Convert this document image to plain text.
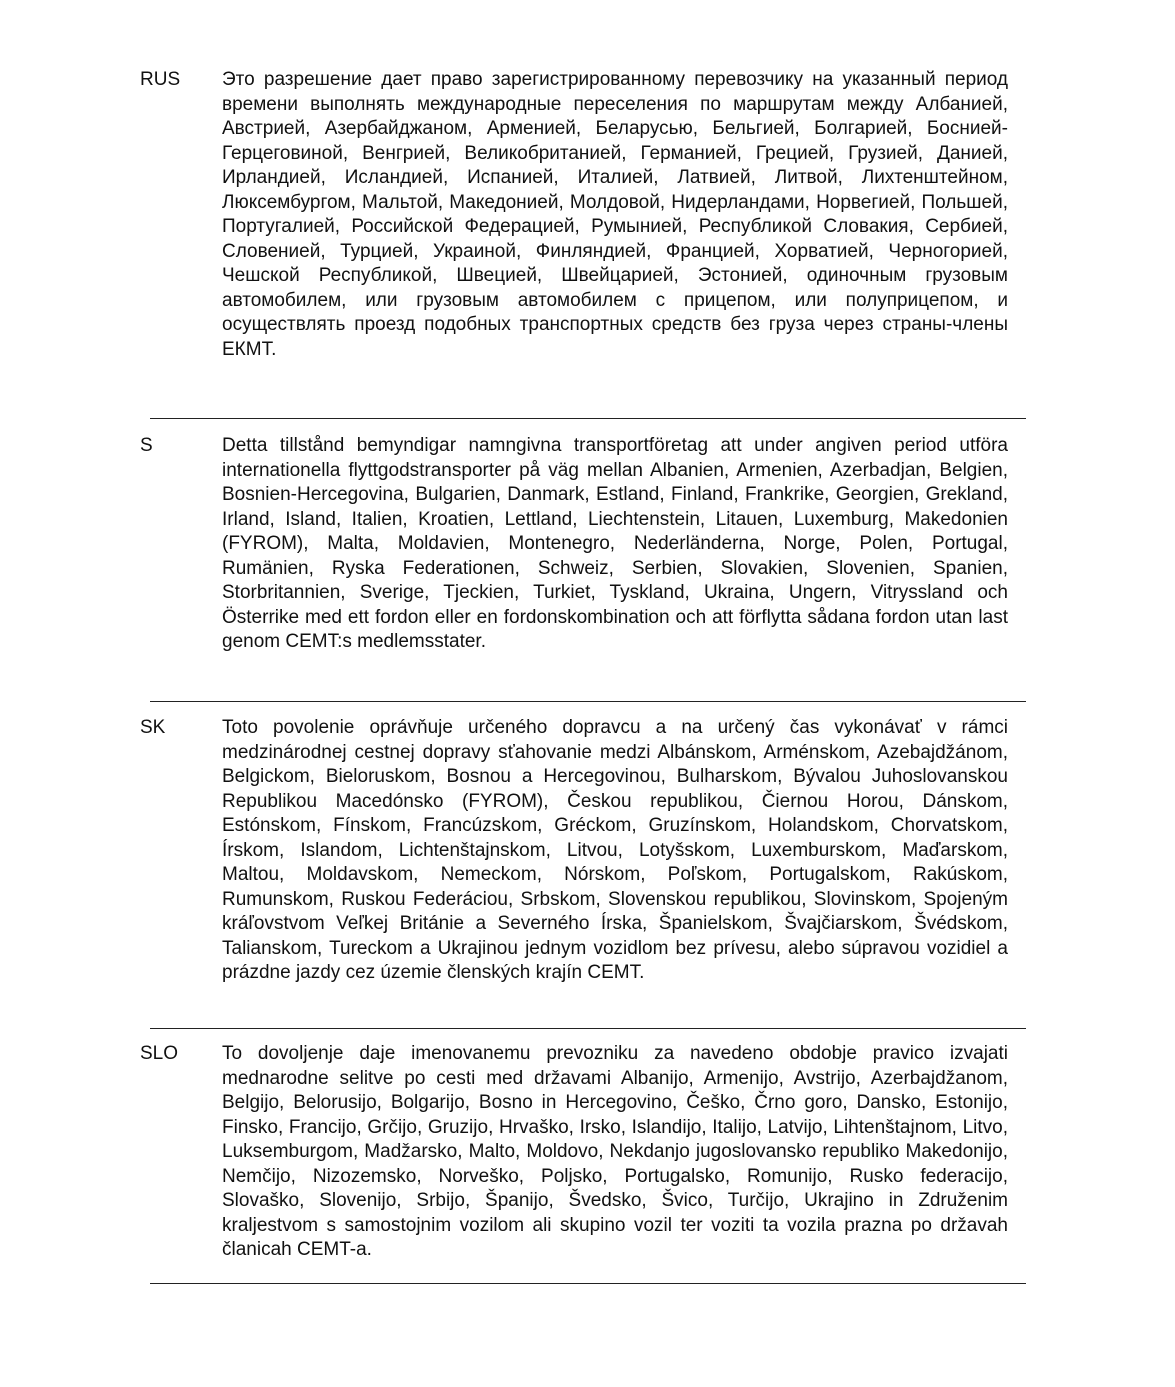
RUS	Это разрешение дает право зарегистрированному перевозчику на указанный период времени выполнять международные переселения по маршрутам между Албанией, Австрией, Азербайджаном, Арменией, Беларусью, Бельгией, Болгарией, Боснией-Герцеговиной, Венгрией, Великобританией, Германией, Грецией, Грузией, Данией, Ирландией, Исландией, Испанией, Италией, Латвией, Литвой, Лихтенштейном, Люксембургом, Мальтой, Македонией, Молдовой, Нидерландами, Норвегией, Польшей, Португалией, Российской Федерацией, Румынией, Республикой Словакия, Сербией, Словенией, Турцией, Украиной, Финляндией, Францией, Хорватией, Черногорией, Чешской Республикой, Швецией, Швейцарией, Эстонией, одиночным грузовым автомобилем, или грузовым автомобилем с прицепом, или полуприцепом, и осуществлять проезд подобных транспортных средств без груза через страны-члены ЕКМТ.
S	Detta tillstånd bemyndigar namngivna transportföretag att under angiven period utföra internationella flyttgodstransporter på väg mellan Albanien, Armenien, Azerbadjan, Belgien, Bosnien-Hercegovina, Bulgarien, Danmark, Estland, Finland, Frankrike, Georgien, Grekland, Irland, Island, Italien, Kroatien, Lettland, Liechtenstein, Litauen, Luxemburg, Makedonien (FYROM), Malta, Moldavien, Montenegro, Nederländerna, Norge, Polen, Portugal, Rumänien, Ryska Federationen, Schweiz, Serbien, Slovakien, Slovenien, Spanien, Storbritannien, Sverige, Tjeckien, Turkiet, Tyskland, Ukraina, Ungern, Vitryssland och Österrike med ett fordon eller en fordonskombination och att förflytta sådana fordon utan last genom CEMT:s medlemsstater.
SK	Toto povolenie oprávňuje určeného dopravcu a na určený čas vykonávať v rámci medzinárodnej cestnej dopravy sťahovanie medzi Albánskom, Arménskom, Azebajdžánom, Belgickom, Bieloruskom, Bosnou a Hercegovinou, Bulharskom, Bývalou Juhoslovanskou Republikou Macedónsko (FYROM), Českou republikou, Čiernou Horou, Dánskom, Estónskom, Fínskom, Francúzskom, Gréckom, Gruzínskom, Holandskom, Chorvatskom, Írskom, Islandom, Lichtenštajnskom, Litvou, Lotyšskom, Luxemburskom, Maďarskom, Maltou, Moldavskom, Nemeckom, Nórskom, Poľskom, Portugalskom, Rakúskom, Rumunskom, Ruskou Federáciou, Srbskom, Slovenskou republikou, Slovinskom, Spojeným kráľovstvom Veľkej Británie a Severného Írska, Španielskom, Švajčiarskom, Švédskom, Talianskom, Tureckom a Ukrajinou jednym vozidlom bez prívesu, alebo súpravou vozidiel a prázdne jazdy cez územie členských krajín CEMT.
SLO	To dovoljenje daje imenovanemu prevozniku za navedeno obdobje pravico izvajati mednarodne selitve po cesti med državami Albanijo, Armenijo, Avstrijo, Azerbajdžanom, Belgijo, Belorusijo, Bolgarijo, Bosno in Hercegovino, Češko, Črno goro, Dansko, Estonijo, Finsko, Francijo, Grčijo, Gruzijo, Hrvaško, Irsko, Islandijo, Italijo, Latvijo, Lihtenštajnom, Litvo, Luksemburgom, Madžarsko, Malto, Moldovo, Nekdanjo jugoslovansko republiko Makedonijo, Nemčijo, Nizozemsko, Norveško, Poljsko, Portugalsko, Romunijo, Rusko federacijo, Slovaško, Slovenijo, Srbijo, Španijo, Švedsko, Švico, Turčijo, Ukrajino in Združenim kraljestvom s samostojnim vozilom ali skupino vozil ter voziti ta vozila prazna po državah članicah CEMT-a.
